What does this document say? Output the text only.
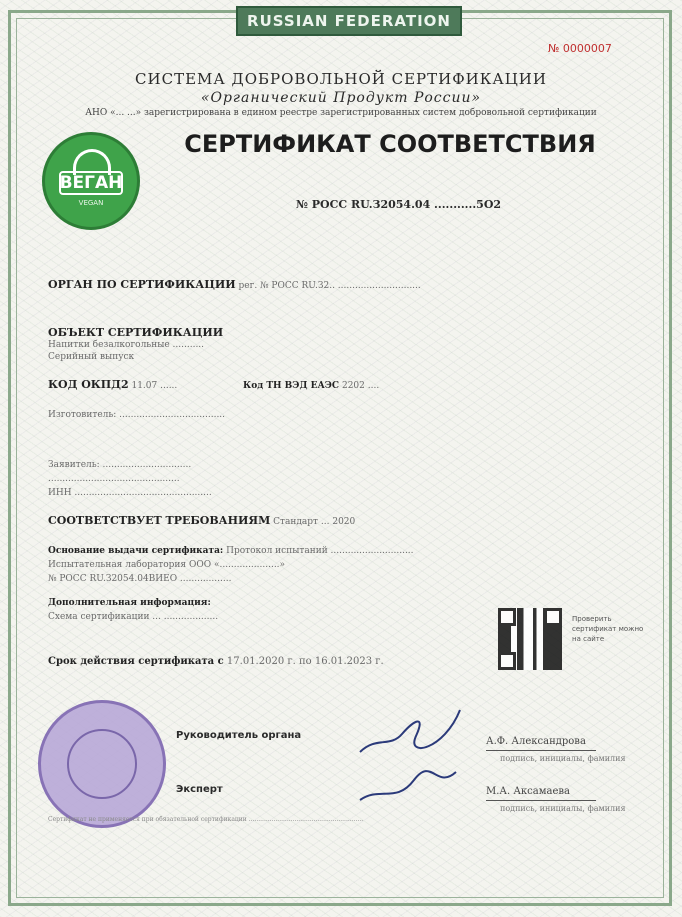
RUSSIAN FEDERATION
№ 0000007
СИСТЕМА ДОБРОВОЛЬНОЙ СЕРТИФИКАЦИИ
«Органический Продукт России»
АНО «... ...» зарегистрирована в едином реестре зарегистрированных систем добровольной сертификации
ВЕГАН
VEGAN
СЕРТИФИКАТ СООТВЕТСТВИЯ
№ РОСС RU.З2054.04 ...........5О2
ОРГАН ПО СЕРТИФИКАЦИИ рег. № РОСС RU.З2.. .............................
ОБЪЕКТ СЕРТИФИКАЦИИ
Напитки безалкогольные ...........
Серийный выпуск
КОД ОКПД2 11.07 ......	Код ТН ВЭД ЕАЭС 2202 ....
Изготовитель: .....................................
Заявитель: ...............................
..............................................
ИНН ................................................
СООТВЕТСТВУЕТ ТРЕБОВАНИЯМ Стандарт ... 2020
Основание выдачи сертификата: Протокол испытаний .............................
Испытательная лаборатория ООО «.....................»
№ РОСС RU.З2054.04ВИЕО ..................
Дополнительная информация:
Схема сертификации ... ...................	Проверить сертификат можно на сайте
Срок действия сертификата с 17.01.2020 г. по 16.01.2023 г.
Руководитель органа
А.Ф. Александрова
подпись, инициалы, фамилия
Эксперт	М.А. Аксамаева
подпись, инициалы, фамилия
Сертификат не применяется при обязательной сертификации ............................................................
